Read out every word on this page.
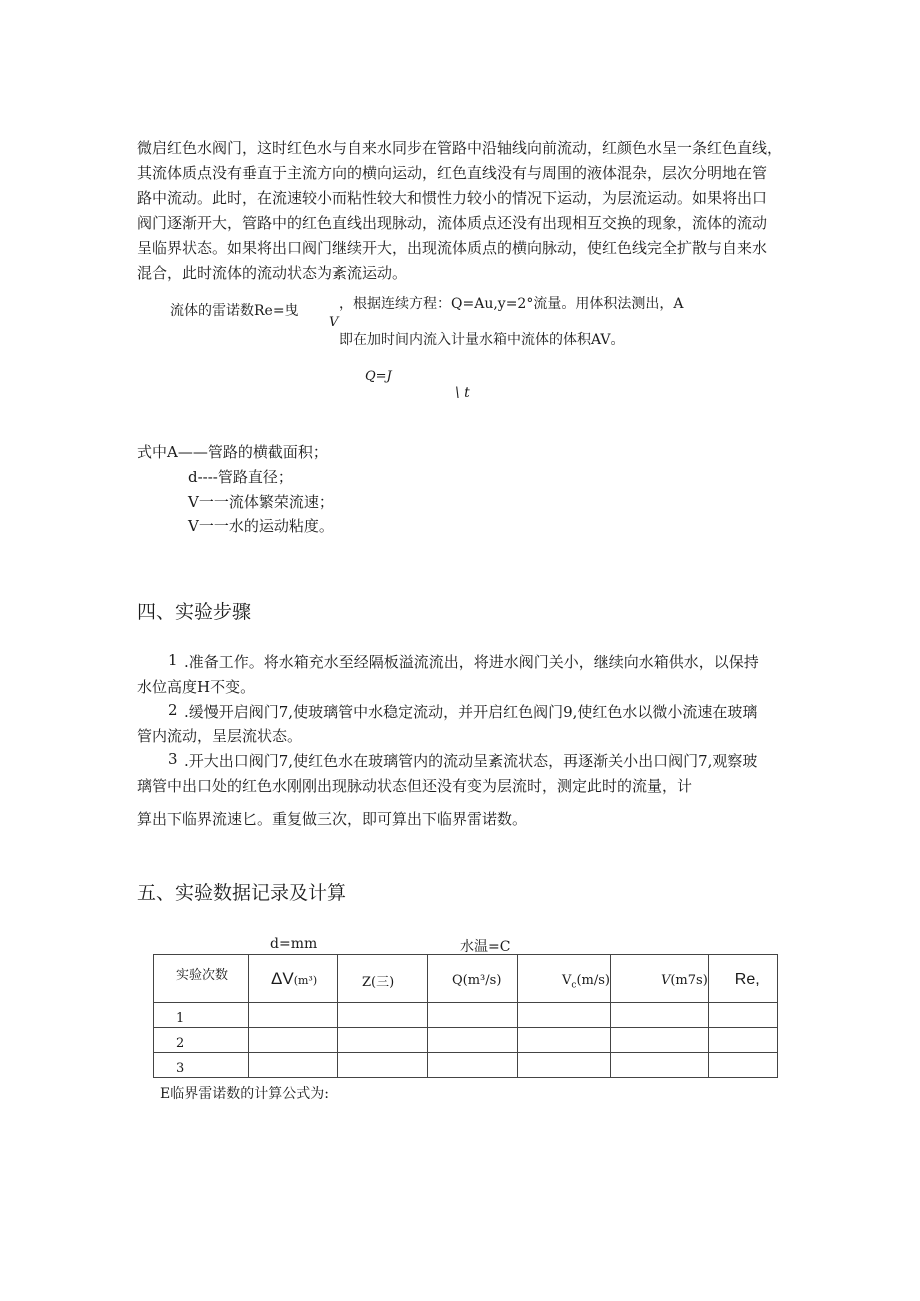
微启红色水阀门，这时红色水与自来水同步在管路中沿轴线向前流动，红颜色水呈一条红色直线，
其流体质点没有垂直于主流方向的横向运动，红色直线没有与周围的液体混杂，层次分明地在管
路中流动。此时，在流速较小而粘性较大和惯性力较小的情况下运动，为层流运动。如果将出口
阀门逐渐开大，管路中的红色直线出现脉动，流体质点还没有出现相互交换的现象，流体的流动
呈临界状态。如果将出口阀门继续开大，出现流体质点的横向脉动，使红色线完全扩散与自来水
混合，此时流体的流动状态为紊流运动。
流体的雷诺数Re=曳	，根据连续方程：Q=Au,y=2°流量。用体积法测出，A
V
即在加时间内流入计量水箱中流体的体积AV。
Q=J
\ t
式中A——管路的横截面积；
d----管路直径；
V一一流体繁荣流速；
V一一水的运动粘度。
四、实验步骤
1 .准备工作。将水箱充水至经隔板溢流流出，将进水阀门关小，继续向水箱供水，以保持
水位高度H不变。
2 .缓慢开启阀门7,使玻璃管中水稳定流动，并开启红色阀门9,使红色水以微小流速在玻璃
管内流动，呈层流状态。
3 .开大出口阀门7,使红色水在玻璃管内的流动呈紊流状态，再逐渐关小出口阀门7,观察玻
璃管中出口处的红色水刚刚出现脉动状态但还没有变为层流时，测定此时的流量，计
算出下临界流速匕。重复做三次，即可算出下临界雷诺数。
五、实验数据记录及计算
d=mm	水温=C
实验次数	ΔV(m³)	Z(三)	Q(m³/s)	$V_c(m/s)$	V(m7s)	Re,

1						

2						

3						

E临界雷诺数的计算公式为:
